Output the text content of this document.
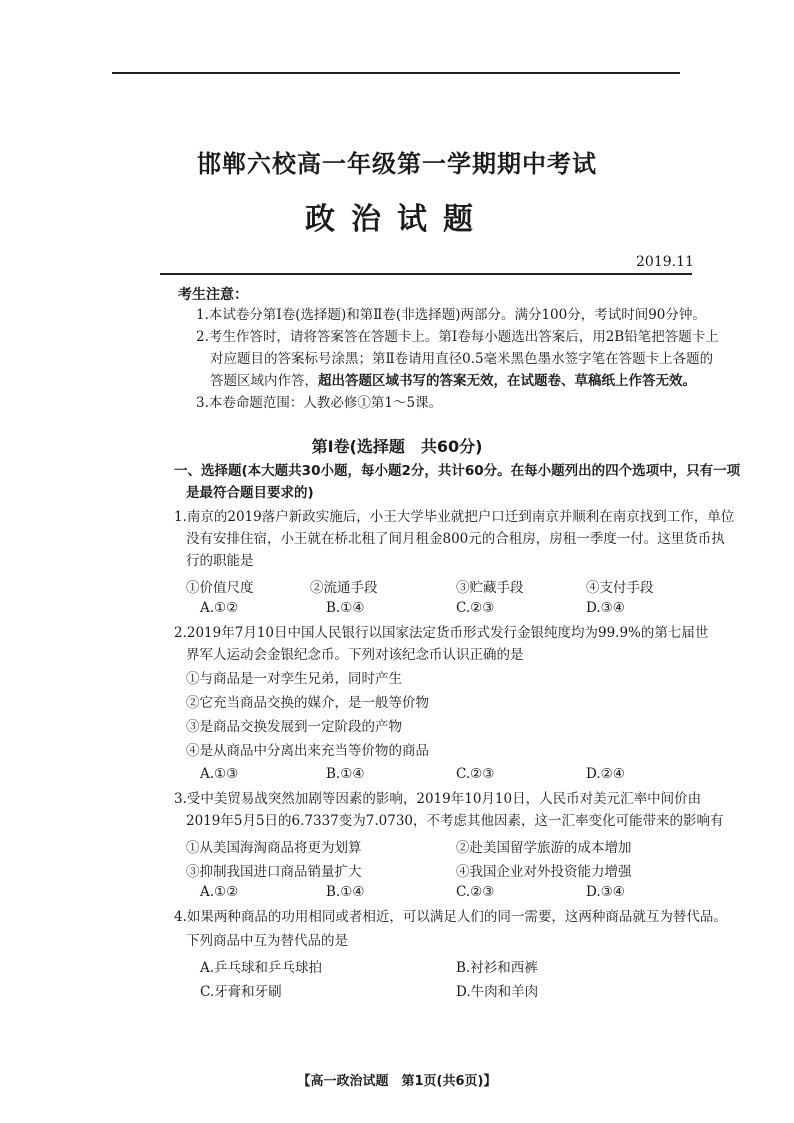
邯郸六校高一年级第一学期期中考试
政治试题
2019.11
考生注意：
1.本试卷分第Ⅰ卷(选择题)和第Ⅱ卷(非选择题)两部分。满分100分，考试时间90分钟。
2.考生作答时，请将答案答在答题卡上。第Ⅰ卷每小题选出答案后，用2B铅笔把答题卡上
对应题目的答案标号涂黑；第Ⅱ卷请用直径0.5毫米黑色墨水签字笔在答题卡上各题的
答题区域内作答，超出答题区域书写的答案无效，在试题卷、草稿纸上作答无效。
3.本卷命题范围：人教必修①第1～5课。
第Ⅰ卷(选择题　共60分)
一、选择题(本大题共30小题，每小题2分，共计60分。在每小题列出的四个选项中，只有一项
是最符合题目要求的)
1.南京的2019落户新政实施后，小王大学毕业就把户口迁到南京并顺利在南京找到工作，单位
没有安排住宿，小王就在桥北租了间月租金800元的合租房，房租一季度一付。这里货币执
行的职能是
①价值尺度	②流通手段	③贮藏手段	④支付手段
A.①②	B.①④	C.②③	D.③④
2.2019年7月10日中国人民银行以国家法定货币形式发行金银纯度均为99.9%的第七届世
界军人运动会金银纪念币。下列对该纪念币认识正确的是
①与商品是一对孪生兄弟，同时产生
②它充当商品交换的媒介，是一般等价物
③是商品交换发展到一定阶段的产物
④是从商品中分离出来充当等价物的商品
A.①③	B.①④	C.②③	D.②④
3.受中美贸易战突然加剧等因素的影响，2019年10月10日，人民币对美元汇率中间价由
2019年5月5日的6.7337变为7.0730，不考虑其他因素，这一汇率变化可能带来的影响有
①从美国海淘商品将更为划算	②赴美国留学旅游的成本增加
③抑制我国进口商品销量扩大	④我国企业对外投资能力增强
A.①②	B.①④	C.②③	D.③④
4.如果两种商品的功用相同或者相近，可以满足人们的同一需要，这两种商品就互为替代品。
下列商品中互为替代品的是
A.乒乓球和乒乓球拍	B.衬衫和西裤
C.牙膏和牙刷	D.牛肉和羊肉
【高一政治试题　第1页(共6页)】
